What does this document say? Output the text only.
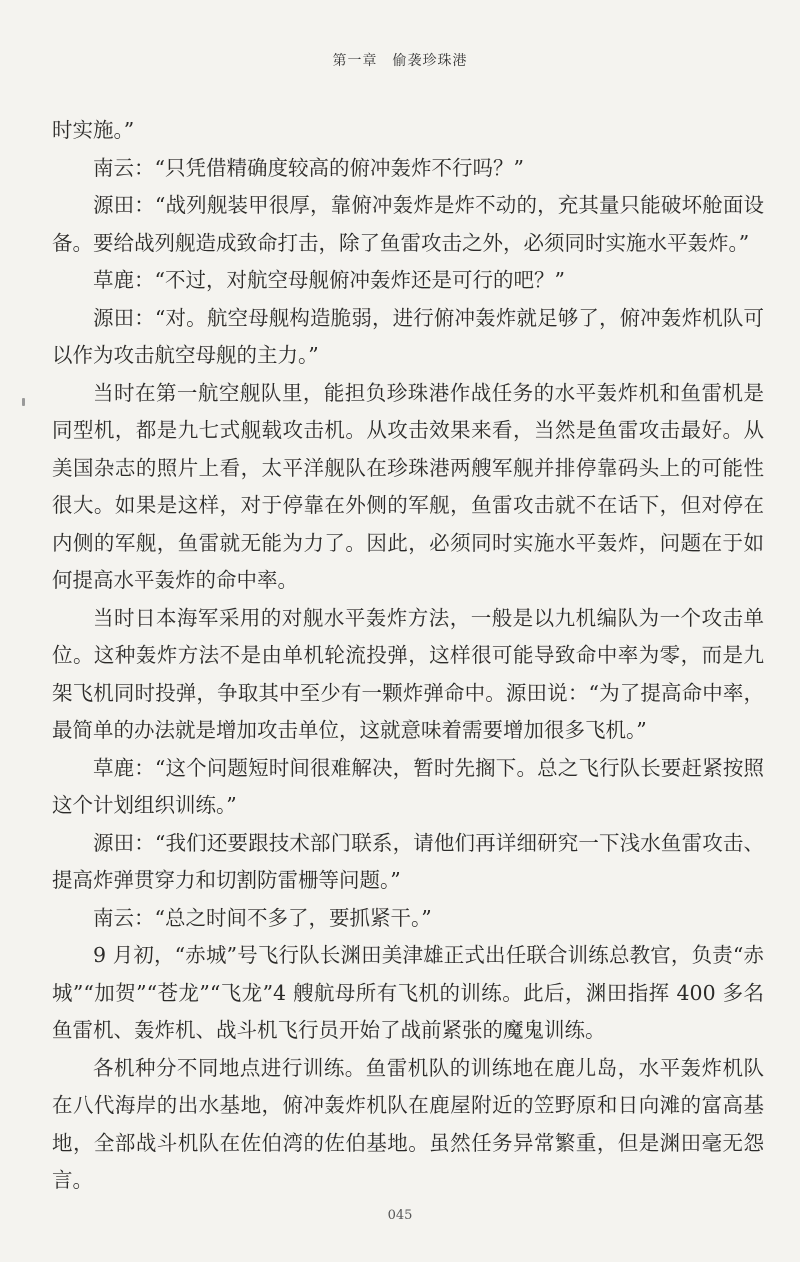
第一章　偷袭珍珠港

时实施。”

南云：“只凭借精确度较高的俯冲轰炸不行吗？”

源田：“战列舰装甲很厚，靠俯冲轰炸是炸不动的，充其量只能破坏舱面设备。要给战列舰造成致命打击，除了鱼雷攻击之外，必须同时实施水平轰炸。”

草鹿：“不过，对航空母舰俯冲轰炸还是可行的吧？”

源田：“对。航空母舰构造脆弱，进行俯冲轰炸就足够了，俯冲轰炸机队可以作为攻击航空母舰的主力。”

当时在第一航空舰队里，能担负珍珠港作战任务的水平轰炸机和鱼雷机是同型机，都是九七式舰载攻击机。从攻击效果来看，当然是鱼雷攻击最好。从美国杂志的照片上看，太平洋舰队在珍珠港两艘军舰并排停靠码头上的可能性很大。如果是这样，对于停靠在外侧的军舰，鱼雷攻击就不在话下，但对停在内侧的军舰，鱼雷就无能为力了。因此，必须同时实施水平轰炸，问题在于如何提高水平轰炸的命中率。

当时日本海军采用的对舰水平轰炸方法，一般是以九机编队为一个攻击单位。这种轰炸方法不是由单机轮流投弹，这样很可能导致命中率为零，而是九架飞机同时投弹，争取其中至少有一颗炸弹命中。源田说：“为了提高命中率，最简单的办法就是增加攻击单位，这就意味着需要增加很多飞机。”

草鹿：“这个问题短时间很难解决，暂时先搁下。总之飞行队长要赶紧按照这个计划组织训练。”

源田：“我们还要跟技术部门联系，请他们再详细研究一下浅水鱼雷攻击、提高炸弹贯穿力和切割防雷栅等问题。”

南云：“总之时间不多了，要抓紧干。”

9 月初，“赤城”号飞行队长渊田美津雄正式出任联合训练总教官，负责“赤城”“加贺”“苍龙”“飞龙”4 艘航母所有飞机的训练。此后，渊田指挥 400 多名鱼雷机、轰炸机、战斗机飞行员开始了战前紧张的魔鬼训练。

各机种分不同地点进行训练。鱼雷机队的训练地在鹿儿岛，水平轰炸机队在八代海岸的出水基地，俯冲轰炸机队在鹿屋附近的笠野原和日向滩的富高基地，全部战斗机队在佐伯湾的佐伯基地。虽然任务异常繁重，但是渊田毫无怨言。

045
